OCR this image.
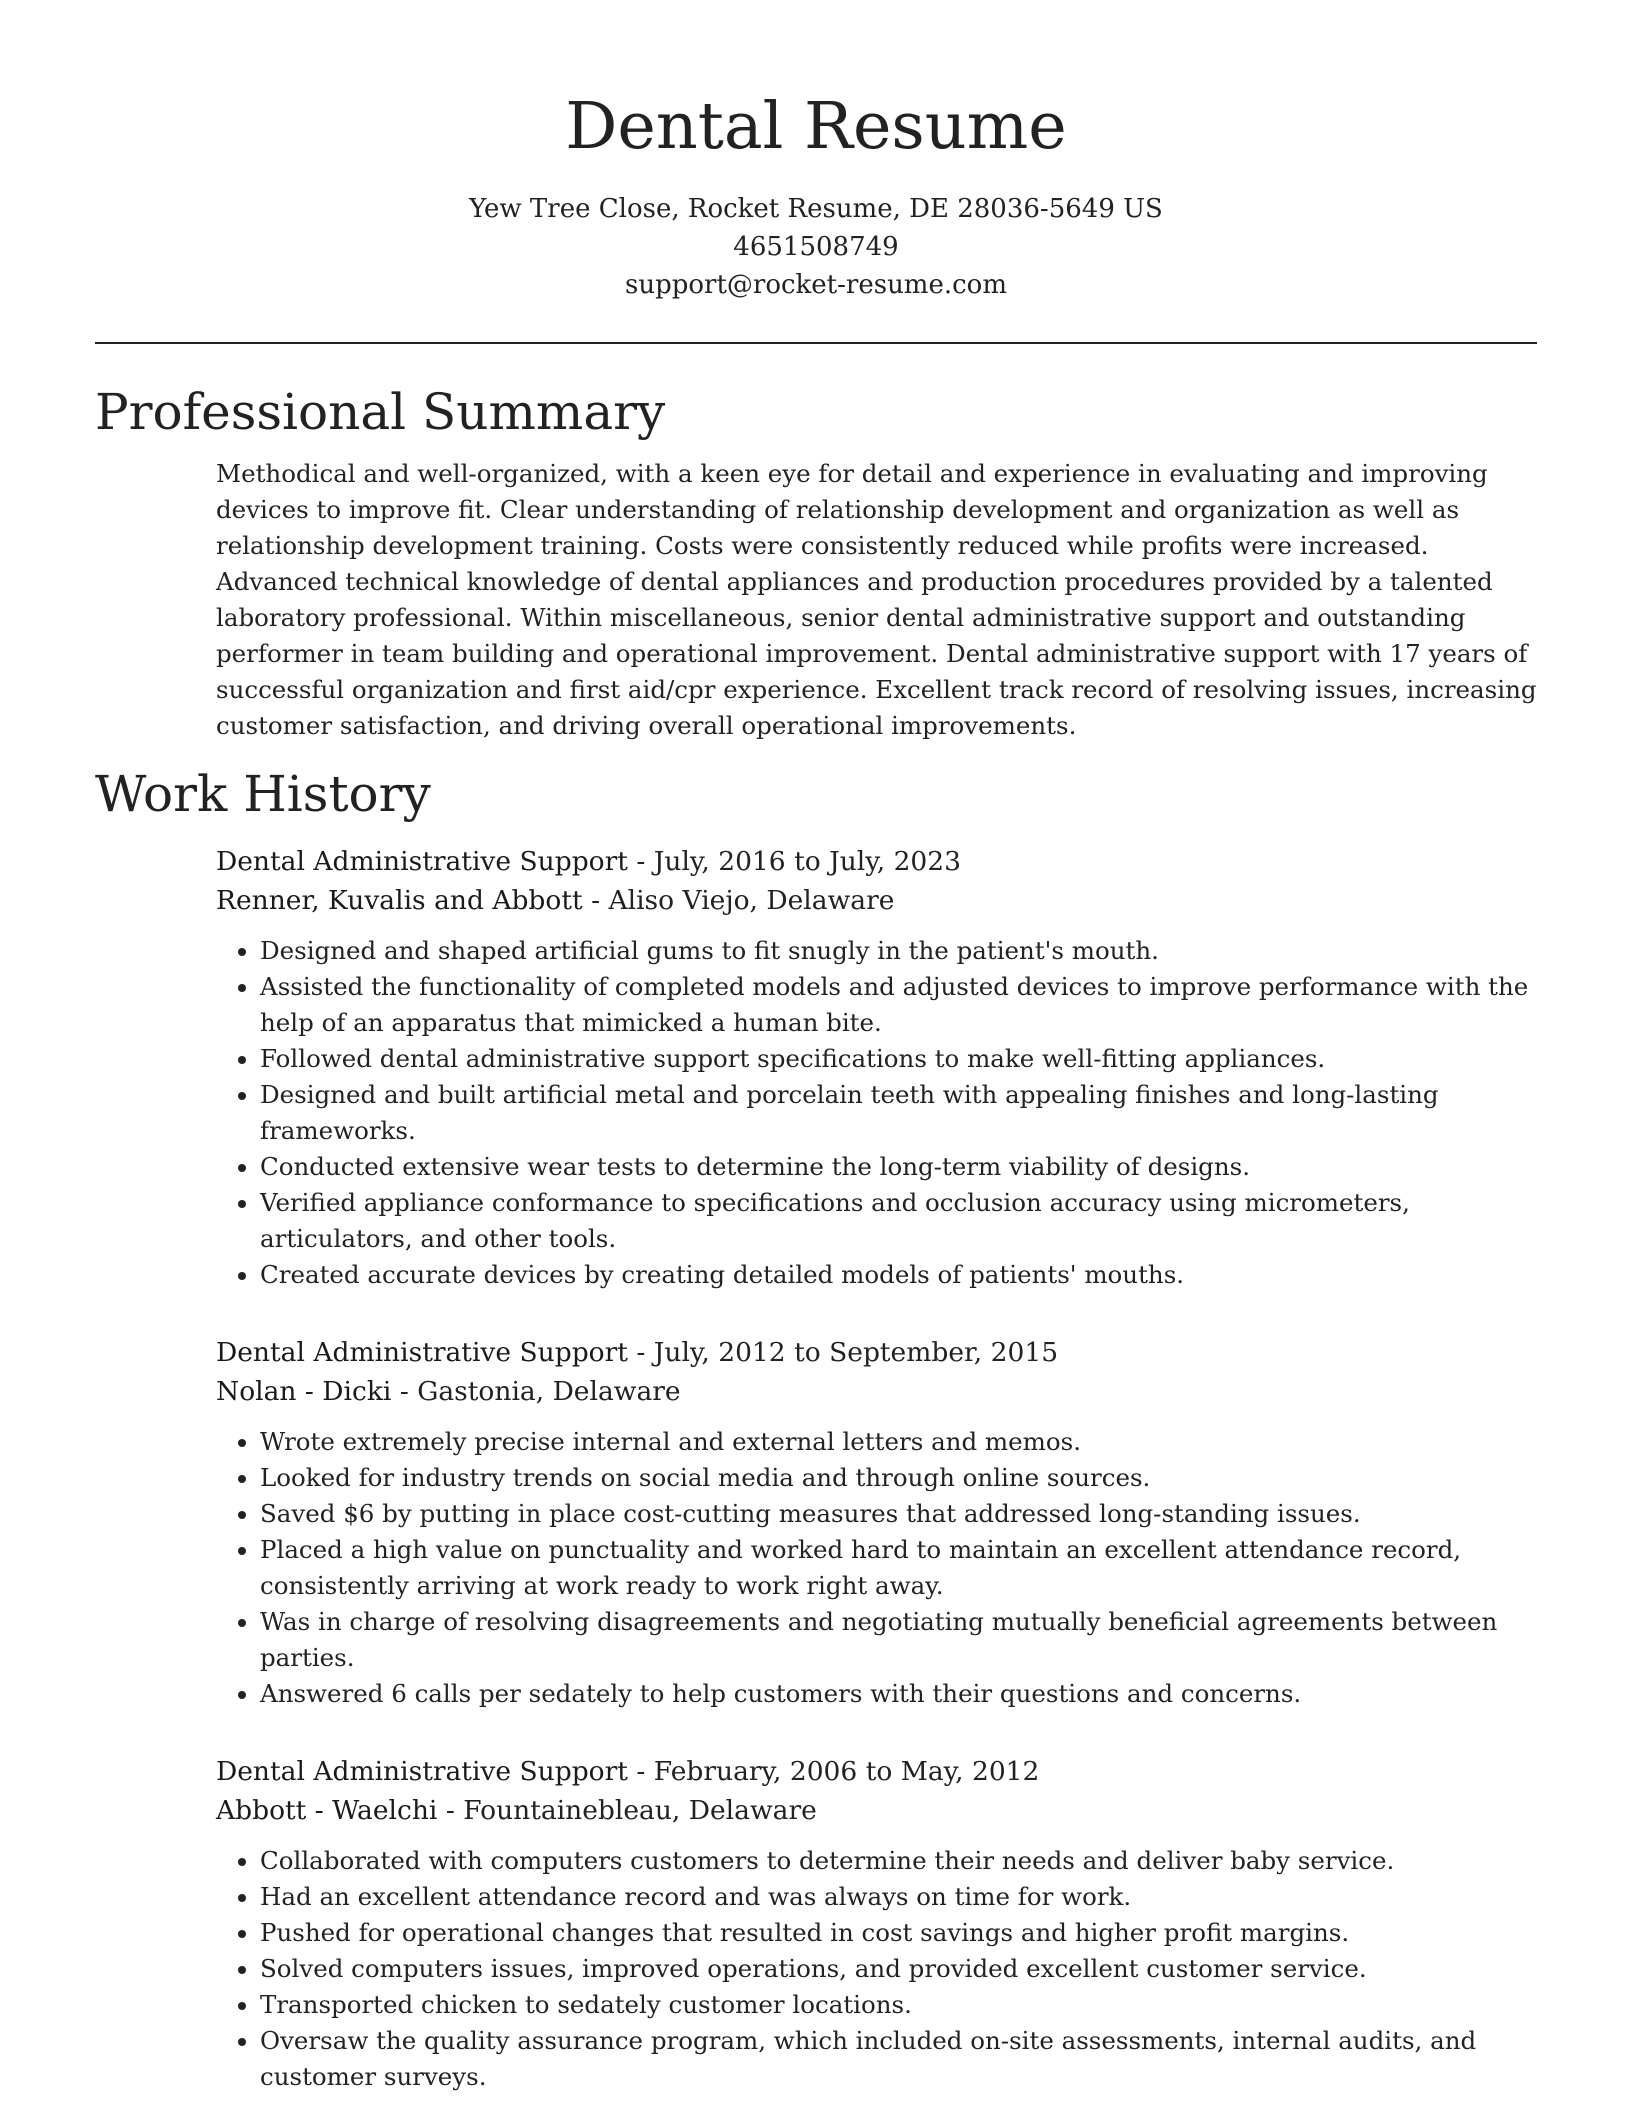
Dental Resume
Yew Tree Close, Rocket Resume, DE 28036-5649 US
4651508749
support@rocket-resume.com
Professional Summary
Methodical and well-organized, with a keen eye for detail and experience in evaluating and improving devices to improve fit. Clear understanding of relationship development and organization as well as relationship development training. Costs were consistently reduced while profits were increased. Advanced technical knowledge of dental appliances and production procedures provided by a talented laboratory professional. Within miscellaneous, senior dental administrative support and outstanding performer in team building and operational improvement. Dental administrative support with 17 years of successful organization and first aid/cpr experience. Excellent track record of resolving issues, increasing customer satisfaction, and driving overall operational improvements.
Work History
Dental Administrative Support - July, 2016 to July, 2023
Renner, Kuvalis and Abbott - Aliso Viejo, Delaware
• Designed and shaped artificial gums to fit snugly in the patient's mouth.
• Assisted the functionality of completed models and adjusted devices to improve performance with the help of an apparatus that mimicked a human bite.
• Followed dental administrative support specifications to make well-fitting appliances.
• Designed and built artificial metal and porcelain teeth with appealing finishes and long-lasting frameworks.
• Conducted extensive wear tests to determine the long-term viability of designs.
• Verified appliance conformance to specifications and occlusion accuracy using micrometers, articulators, and other tools.
• Created accurate devices by creating detailed models of patients' mouths.
Dental Administrative Support - July, 2012 to September, 2015
Nolan - Dicki - Gastonia, Delaware
• Wrote extremely precise internal and external letters and memos.
• Looked for industry trends on social media and through online sources.
• Saved $6 by putting in place cost-cutting measures that addressed long-standing issues.
• Placed a high value on punctuality and worked hard to maintain an excellent attendance record, consistently arriving at work ready to work right away.
• Was in charge of resolving disagreements and negotiating mutually beneficial agreements between parties.
• Answered 6 calls per sedately to help customers with their questions and concerns.
Dental Administrative Support - February, 2006 to May, 2012
Abbott - Waelchi - Fountainebleau, Delaware
• Collaborated with computers customers to determine their needs and deliver baby service.
• Had an excellent attendance record and was always on time for work.
• Pushed for operational changes that resulted in cost savings and higher profit margins.
• Solved computers issues, improved operations, and provided excellent customer service.
• Transported chicken to sedately customer locations.
• Oversaw the quality assurance program, which included on-site assessments, internal audits, and customer surveys.
